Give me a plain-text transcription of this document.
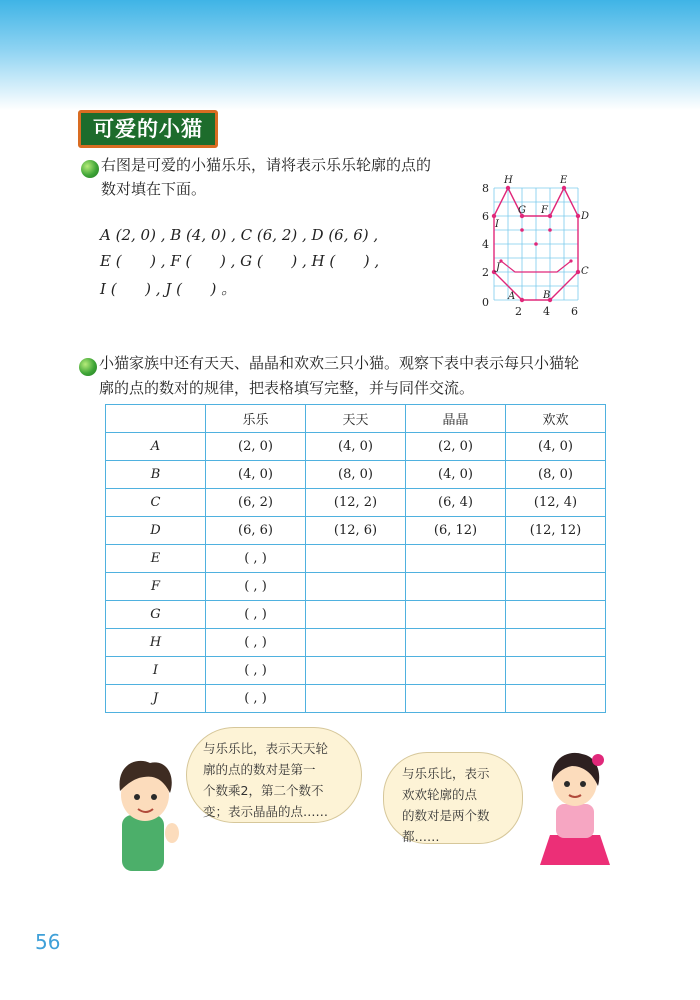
可爱的小猫
右图是可爱的小猫乐乐，请将表示乐乐轮廓的点的
数对填在下面。
A (2, 0) , B (4, 0) , C (6, 2) , D (6, 6) ,
E (      ) , F (      ) , G (      ) , H (      ) ,
I (      ) , J (      ) 。
8
6
4
2
0
2 4 6
A	B
C
D
E
F
G
H
I
J
小猫家族中还有天天、晶晶和欢欢三只小猫。观察下表中表示每只小猫轮
廓的点的数对的规律，把表格填写完整，并与同伴交流。
	乐乐	天天	晶晶	欢欢
A	(2, 0)	(4, 0)	(2, 0)	(4, 0)
B	(4, 0)	(8, 0)	(4, 0)	(8, 0)
C	(6, 2)	(12, 2)	(6, 4)	(12, 4)
D	(6, 6)	(12, 6)	(6, 12)	(12, 12)
E	( , )			
F	( , )			
G	( , )			
H	( , )			
I	( , )			
J	( , )			
与乐乐比，表示天天轮
廓的点的数对是第一
个数乘2，第二个数不
变；表示晶晶的点……
与乐乐比，表示
欢欢轮廓的点
的数对是两个数
都……
56
